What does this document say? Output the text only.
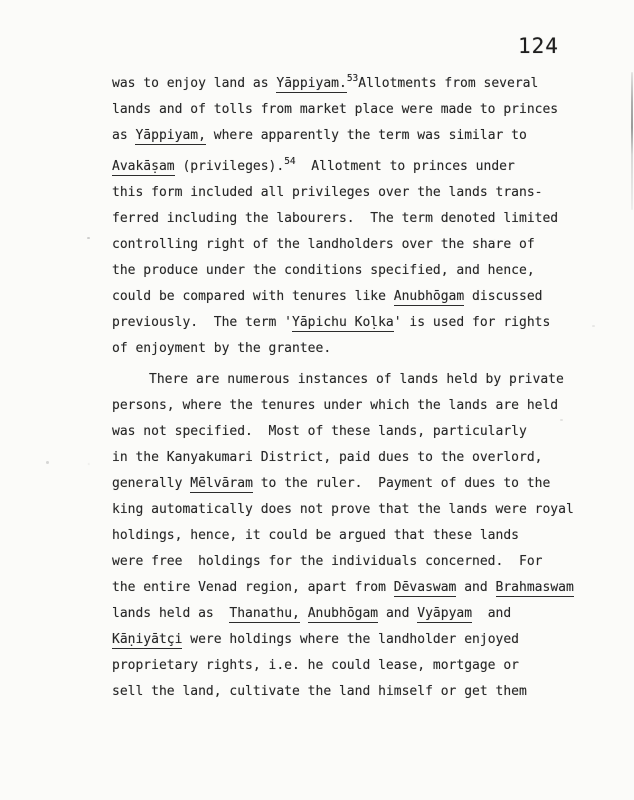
124
was to enjoy land as Yāppiyam.$^{53}$Allotments from several
lands and of tolls from market place were made to princes
as Yāppiyam, where apparently the term was similar to
Avakāṣam (privileges).$^{54}$  Allotment to princes under
this form included all privileges over the lands trans-
ferred including the labourers.  The term denoted limited
controlling right of the landholders over the share of
the produce under the conditions specified, and hence,
could be compared with tenures like Anubhōgam discussed
previously.  The term 'Yāpichu Koḷka' is used for rights
of enjoyment by the grantee.
There are numerous instances of lands held by private
persons, where the tenures under which the lands are held
was not specified.  Most of these lands, particularly
in the Kanyakumari District, paid dues to the overlord,
generally Mēlvāram to the ruler.  Payment of dues to the
king automatically does not prove that the lands were royal
holdings, hence, it could be argued that these lands
were free  holdings for the individuals concerned.  For
the entire Venad region, apart from Dēvaswam and Brahmaswam
lands held as  Thanathu, Anubhōgam and Vyāpyam  and
Kāṇiyātçi were holdings where the landholder enjoyed
proprietary rights, i.e. he could lease, mortgage or
sell the land, cultivate the land himself or get them
